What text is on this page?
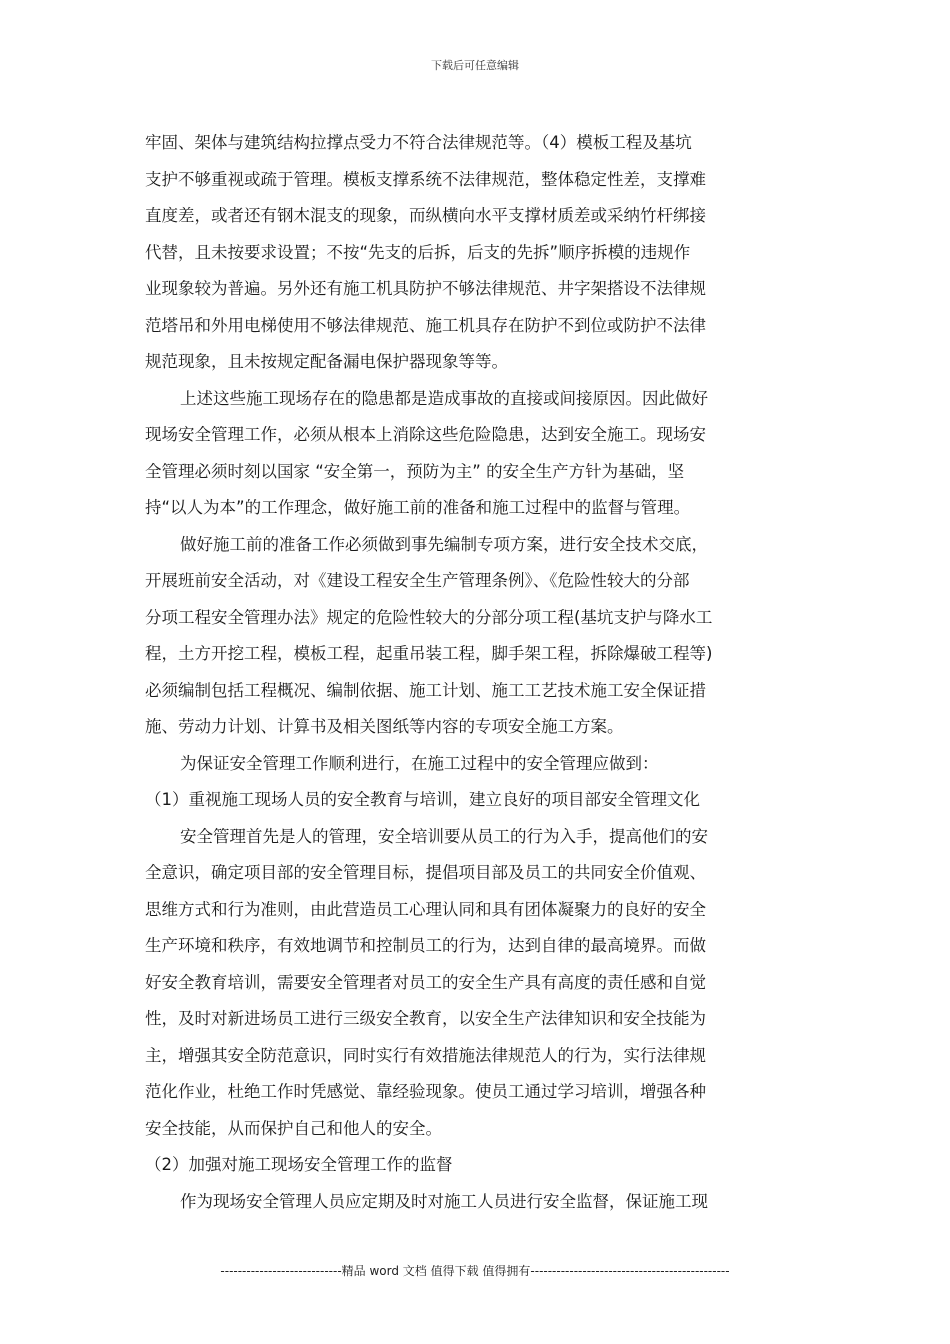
下载后可任意编辑
牢固、架体与建筑结构拉撑点受力不符合法律规范等。（4）模板工程及基坑
支护不够重视或疏于管理。模板支撑系统不法律规范，整体稳定性差，支撑难
直度差，或者还有钢木混支的现象，而纵横向水平支撑材质差或采纳竹杆绑接
代替，且未按要求设置；不按“先支的后拆，后支的先拆”顺序拆模的违规作
业现象较为普遍。另外还有施工机具防护不够法律规范、井字架搭设不法律规
范塔吊和外用电梯使用不够法律规范、施工机具存在防护不到位或防护不法律
规范现象，且未按规定配备漏电保护器现象等等。
上述这些施工现场存在的隐患都是造成事故的直接或间接原因。因此做好
现场安全管理工作，必须从根本上消除这些危险隐患，达到安全施工。现场安
全管理必须时刻以国家 “安全第一，预防为主” 的安全生产方针为基础，坚
持“以人为本”的工作理念，做好施工前的准备和施工过程中的监督与管理。
做好施工前的准备工作必须做到事先编制专项方案，进行安全技术交底，
开展班前安全活动，对《建设工程安全生产管理条例》、《危险性较大的分部
分项工程安全管理办法》规定的危险性较大的分部分项工程(基坑支护与降水工
程，土方开挖工程，模板工程，起重吊装工程，脚手架工程，拆除爆破工程等)
必须编制包括工程概况、编制依据、施工计划、施工工艺技术施工安全保证措
施、劳动力计划、计算书及相关图纸等内容的专项安全施工方案。
为保证安全管理工作顺利进行，在施工过程中的安全管理应做到：
（1）重视施工现场人员的安全教育与培训，建立良好的项目部安全管理文化
安全管理首先是人的管理，安全培训要从员工的行为入手，提高他们的安
全意识，确定项目部的安全管理目标，提倡项目部及员工的共同安全价值观、
思维方式和行为准则，由此营造员工心理认同和具有团体凝聚力的良好的安全
生产环境和秩序，有效地调节和控制员工的行为，达到自律的最高境界。而做
好安全教育培训，需要安全管理者对员工的安全生产具有高度的责任感和自觉
性，及时对新进场员工进行三级安全教育，以安全生产法律知识和安全技能为
主，增强其安全防范意识，同时实行有效措施法律规范人的行为，实行法律规
范化作业，杜绝工作时凭感觉、靠经验现象。使员工通过学习培训，增强各种
安全技能，从而保护自己和他人的安全。
（2）加强对施工现场安全管理工作的监督
作为现场安全管理人员应定期及时对施工人员进行安全监督，保证施工现
----------------------------精品 word 文档 值得下载 值得拥有----------------------------------------------
